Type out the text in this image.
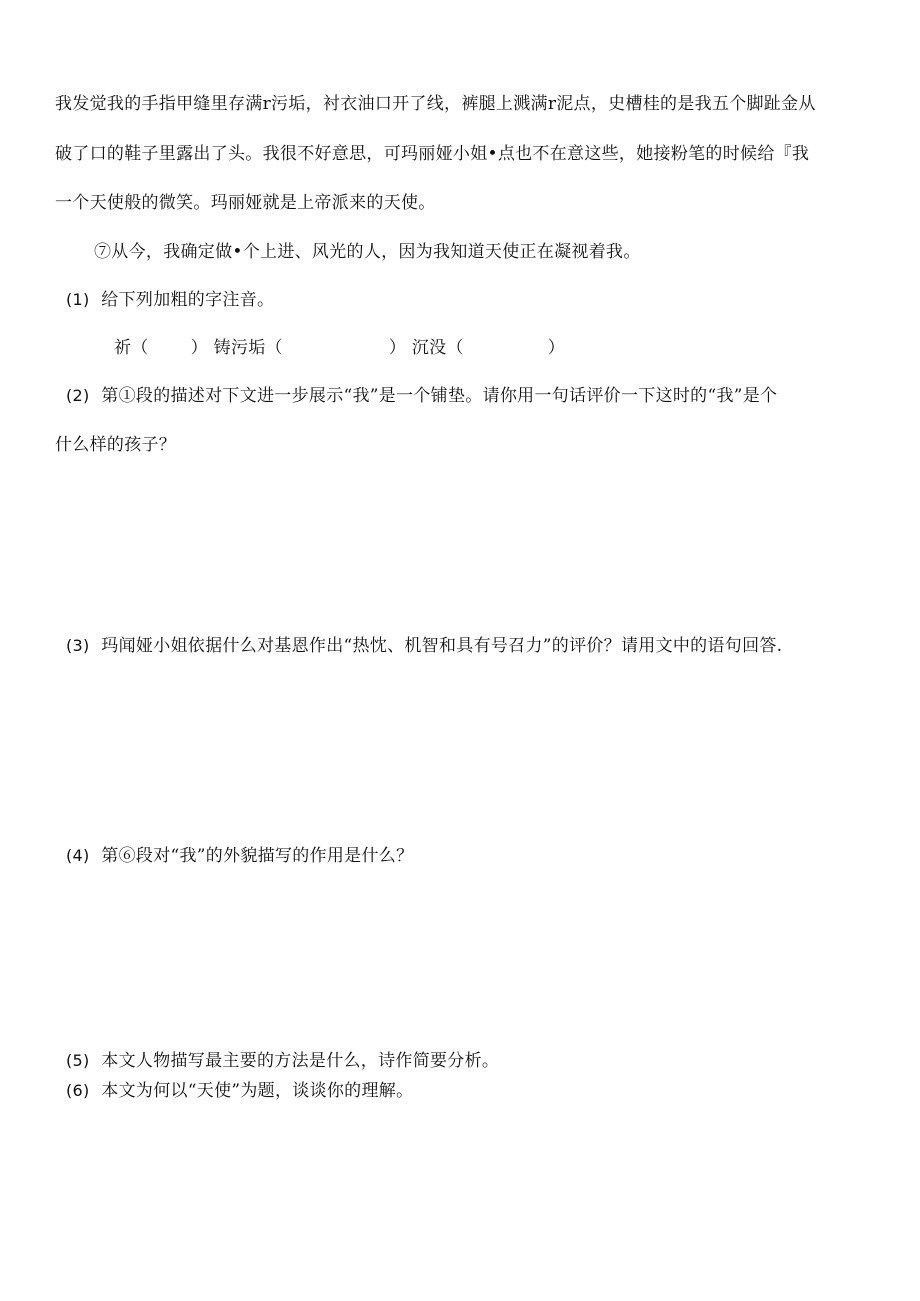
我发觉我的手指甲缝里存满r污垢，衬衣油口开了线，裤腿上溅满r泥点，史槽桂的是我五个脚趾金从
破了口的鞋子里露出了头。我很不好意思，可玛丽娅小姐•点也不在意这些，她接粉笔的时候给『我
一个天使般的微笑。玛丽娅就是上帝派来的天使。
⑦从今，我确定做•个上进、风光的人，因为我知道天使正在凝视着我。
(1) 给下列加粗的字注音。
祈（ ） 铸污垢（	） 沉没（	）
(2) 第①段的描述对下文进一步展示“我”是一个铺垫。请你用一句话评价一下这时的“我”是个
什么样的孩子？
(3) 玛闻娅小姐依据什么对基恩作出“热忱、机智和具有号召力”的评价？请用文中的语句回答.
(4) 第⑥段对“我”的外貌描写的作用是什么？
(5) 本文人物描写最主要的方法是什么，诗作简要分析。
(6) 本文为何以“天使”为题，谈谈你的理解。
